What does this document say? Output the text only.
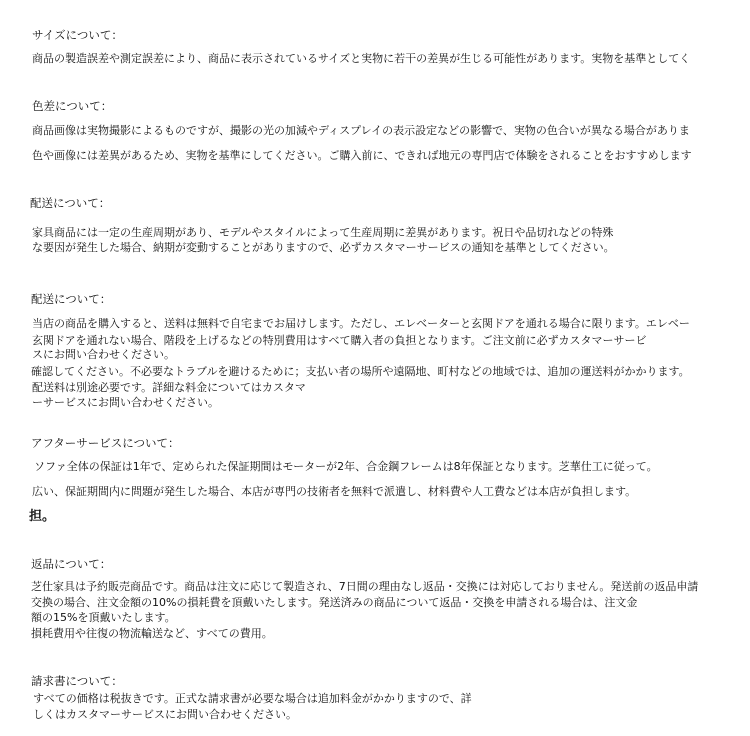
サイズについて：
商品の製造誤差や測定誤差により、商品に表示されているサイズと実物に若干の差異が生じる可能性があります。実物を基準としてく
色差について：
商品画像は実物撮影によるものですが、撮影の光の加減やディスプレイの表示設定などの影響で、実物の色合いが異なる場合がありま
色や画像には差異があるため、実物を基準にしてください。ご購入前に、できれば地元の専門店で体験をされることをおすすめします
配送について：
家具商品には一定の生産周期があり、モデルやスタイルによって生産周期に差異があります。祝日や品切れなどの特殊
な要因が発生した場合、納期が変動することがありますので、必ずカスタマーサービスの通知を基準としてください。
配送について：
当店の商品を購入すると、送料は無料で自宅までお届けします。ただし、エレベーターと玄関ドアを通れる場合に限ります。エレベー
玄関ドアを通れない場合、階段を上げるなどの特別費用はすべて購入者の負担となります。ご注文前に必ずカスタマーサービ
スにお問い合わせください。
確認してください。不必要なトラブルを避けるために；支払い者の場所や遠隔地、町村などの地域では、追加の運送料がかかります。
配送料は別途必要です。詳細な料金についてはカスタマ
ーサービスにお問い合わせください。
アフターサービスについて：
ソファ全体の保証は1年で、定められた保証期間はモーターが2年、合金鋼フレームは8年保証となります。芝華仕工に従って。
広い、保証期間内に問題が発生した場合、本店が専門の技術者を無料で派遣し、材料費や人工費などは本店が負担します。
担。
返品について：
芝仕家具は予約販売商品です。商品は注文に応じて製造され、7日間の理由なし返品・交換には対応しておりません。発送前の返品申請
交換の場合、注文金額の10%の損耗費を頂戴いたします。発送済みの商品について返品・交換を申請される場合は、注文金
額の15%を頂戴いたします。
損耗費用や往復の物流輸送など、すべての費用。
請求書について：
すべての価格は税抜きです。正式な請求書が必要な場合は追加料金がかかりますので、詳
しくはカスタマーサービスにお問い合わせください。
